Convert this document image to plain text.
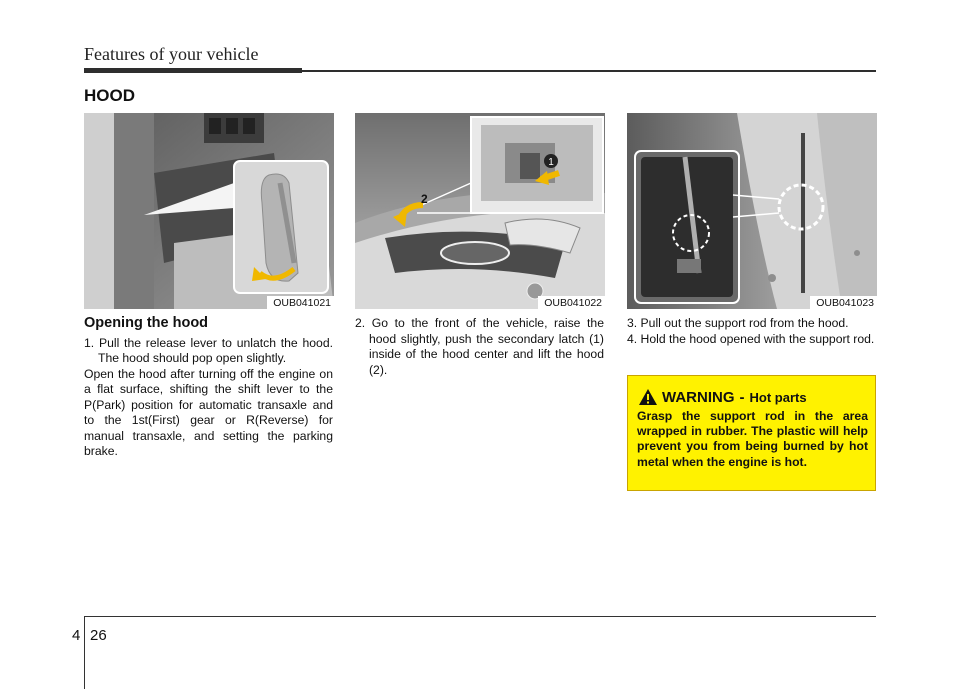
Features of your vehicle
HOOD
OUB041021
1
2
OUB041022	OUB041023

Opening the hood

1. Pull the release lever to unlatch the hood. The hood should pop open slightly.

Open the hood after turning off the engine on a flat surface, shifting the shift lever to the P(Park) position for automatic transaxle and to the 1st(First) gear or R(Reverse) for manual transaxle, and setting the parking brake.

2. Go to the front of the vehicle, raise the hood slightly, push the secondary latch (1) inside of the hood center and lift the hood (2).

3. Pull out the support rod from the hood.

4. Hold the hood opened with the support rod.

WARNING - Hot parts
Grasp the support rod in the area wrapped in rubber. The plastic will help prevent you from being burned by hot metal when the engine is hot.
4 26
